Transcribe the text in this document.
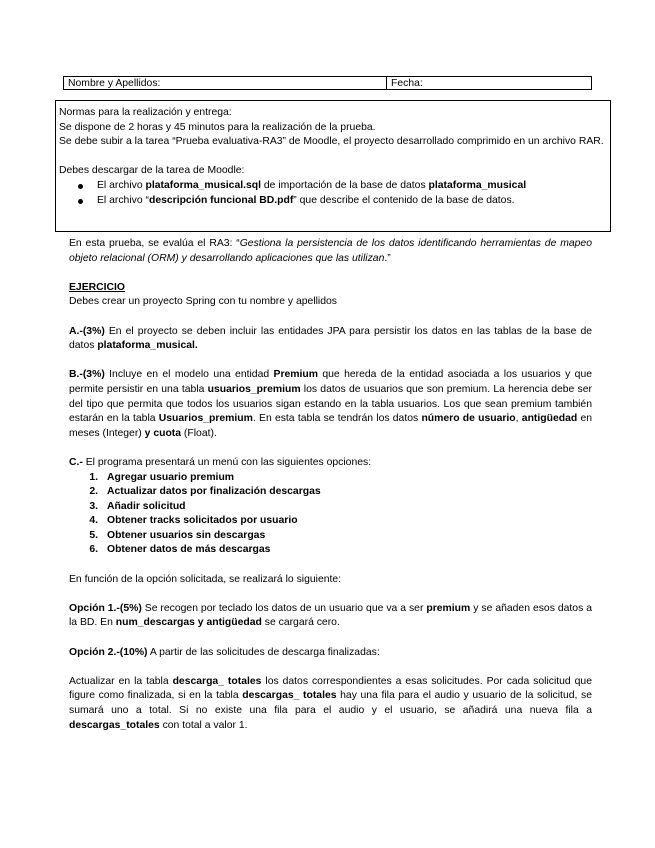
Nombre y Apellidos:	Fecha:

Normas para la realización y entrega:

Se dispone de 2 horas y 45 minutos para la realización de la prueba.

Se debe subir a la tarea “Prueba evaluativa-RA3” de Moodle, el proyecto desarrollado comprimido en un archivo RAR.

Debes descargar de la tarea de Moodle:

El archivo plataforma_musical.sql de importación de la base de datos plataforma_musical
El archivo “descripción funcional BD.pdf” que describe el contenido de la base de datos.

En esta prueba, se evalúa el RA3: “Gestiona la persistencia de los datos identificando herramientas de mapeo objeto relacional (ORM) y desarrollando aplicaciones que las utilizan.”

EJERCICIO

Debes crear un proyecto Spring con tu nombre y apellidos

A.-(3%) En el proyecto se deben incluir las entidades JPA para persistir los datos en las tablas de la base de datos plataforma_musical.

B.-(3%) Incluye en el modelo una entidad Premium que hereda de la entidad asociada a los usuarios y que permite persistir en una tabla usuarios_premium los datos de usuarios que son premium. La herencia debe ser del tipo que permita que todos los usuarios sigan estando en la tabla usuarios. Los que sean premium también estarán en la tabla Usuarios_premium. En esta tabla se tendrán los datos número de usuario, antigüedad en meses (Integer) y cuota (Float).

C.- El programa presentará un menú con las siguientes opciones:

1. Agregar usuario premium
2. Actualizar datos por finalización descargas
3. Añadir solicitud
4. Obtener tracks solicitados por usuario
5. Obtener usuarios sin descargas
6. Obtener datos de más descargas

En función de la opción solicitada, se realizará lo siguiente:

Opción 1.-(5%) Se recogen por teclado los datos de un usuario que va a ser premium y se añaden esos datos a la BD. En num_descargas y antigüedad se cargará cero.

Opción 2.-(10%) A partir de las solicitudes de descarga finalizadas:

Actualizar en la tabla descarga_ totales los datos correspondientes a esas solicitudes. Por cada solicitud que figure como finalizada, si en la tabla descargas_ totales hay una fila para el audio y usuario de la solicitud, se sumará uno a total. Si no existe una fila para el audio y el usuario, se añadirá una nueva fila a descargas_totales con total a valor 1.
